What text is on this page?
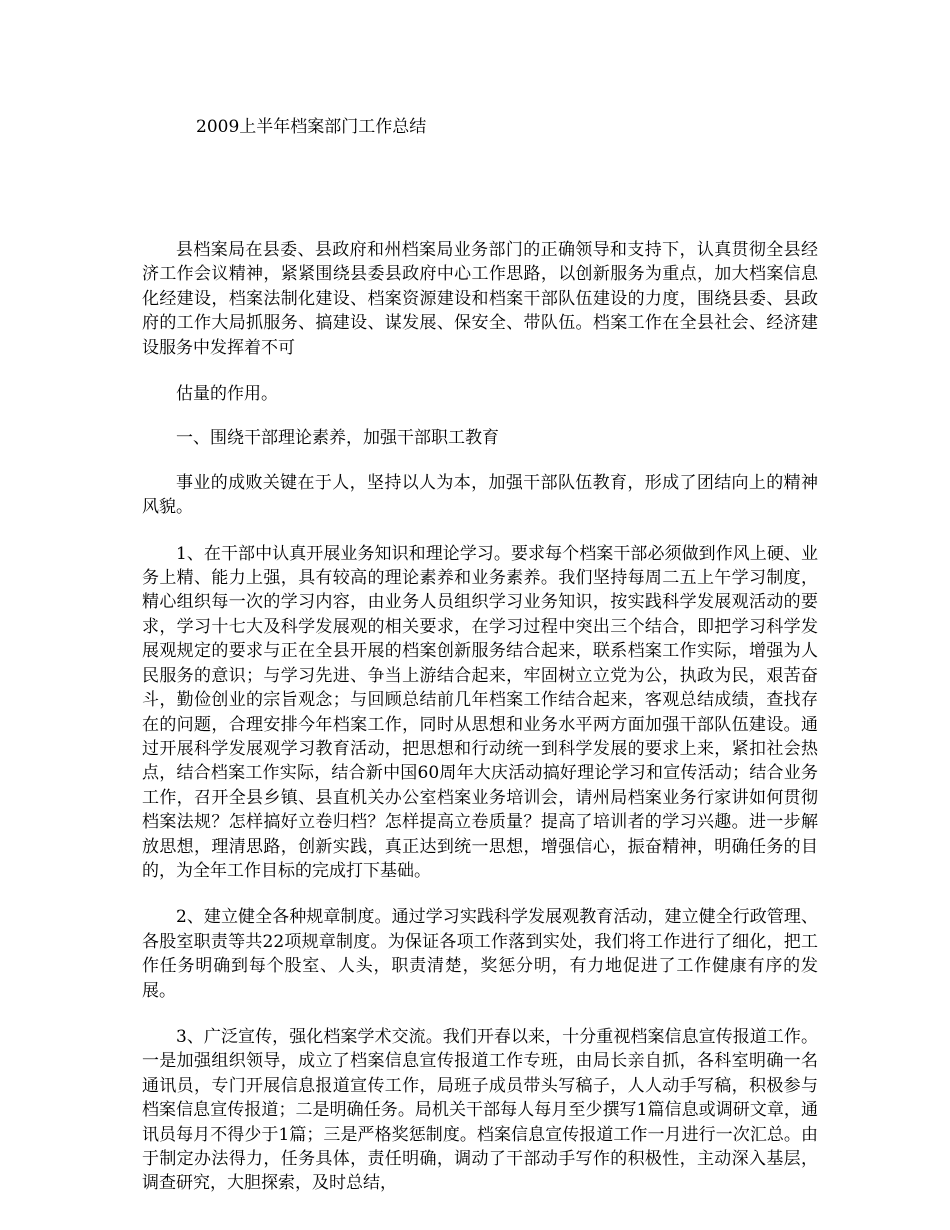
2009上半年档案部门工作总结

县档案局在县委、县政府和州档案局业务部门的正确领导和支持下，认真贯彻全县经济工作会议精神，紧紧围绕县委县政府中心工作思路，以创新服务为重点，加大档案信息化经建设，档案法制化建设、档案资源建设和档案干部队伍建设的力度，围绕县委、县政府的工作大局抓服务、搞建设、谋发展、保安全、带队伍。档案工作在全县社会、经济建设服务中发挥着不可

估量的作用。

一、围绕干部理论素养，加强干部职工教育

事业的成败关键在于人，坚持以人为本，加强干部队伍教育，形成了团结向上的精神风貌。

1、在干部中认真开展业务知识和理论学习。要求每个档案干部必须做到作风上硬、业务上精、能力上强，具有较高的理论素养和业务素养。我们坚持每周二五上午学习制度，精心组织每一次的学习内容，由业务人员组织学习业务知识，按实践科学发展观活动的要求，学习十七大及科学发展观的相关要求，在学习过程中突出三个结合，即把学习科学发展观规定的要求与正在全县开展的档案创新服务结合起来，联系档案工作实际，增强为人民服务的意识；与学习先进、争当上游结合起来，牢固树立立党为公，执政为民，艰苦奋斗，勤俭创业的宗旨观念；与回顾总结前几年档案工作结合起来，客观总结成绩，查找存在的问题，合理安排今年档案工作，同时从思想和业务水平两方面加强干部队伍建设。通过开展科学发展观学习教育活动，把思想和行动统一到科学发展的要求上来，紧扣社会热点，结合档案工作实际，结合新中国60周年大庆活动搞好理论学习和宣传活动；结合业务工作，召开全县乡镇、县直机关办公室档案业务培训会，请州局档案业务行家讲如何贯彻档案法规？怎样搞好立卷归档？怎样提高立卷质量？提高了培训者的学习兴趣。进一步解放思想，理清思路，创新实践，真正达到统一思想，增强信心，振奋精神，明确任务的目的，为全年工作目标的完成打下基础。

2、建立健全各种规章制度。通过学习实践科学发展观教育活动，建立健全行政管理、各股室职责等共22项规章制度。为保证各项工作落到实处，我们将工作进行了细化，把工作任务明确到每个股室、人头，职责清楚，奖惩分明，有力地促进了工作健康有序的发展。

3、广泛宣传，强化档案学术交流。我们开春以来，十分重视档案信息宣传报道工作。一是加强组织领导，成立了档案信息宣传报道工作专班，由局长亲自抓，各科室明确一名通讯员，专门开展信息报道宣传工作，局班子成员带头写稿子，人人动手写稿，积极参与档案信息宣传报道；二是明确任务。局机关干部每人每月至少撰写1篇信息或调研文章，通讯员每月不得少于1篇；三是严格奖惩制度。档案信息宣传报道工作一月进行一次汇总。由于制定办法得力，任务具体，责任明确，调动了干部动手写作的积极性，主动深入基层，调查研究，大胆探索，及时总结，
